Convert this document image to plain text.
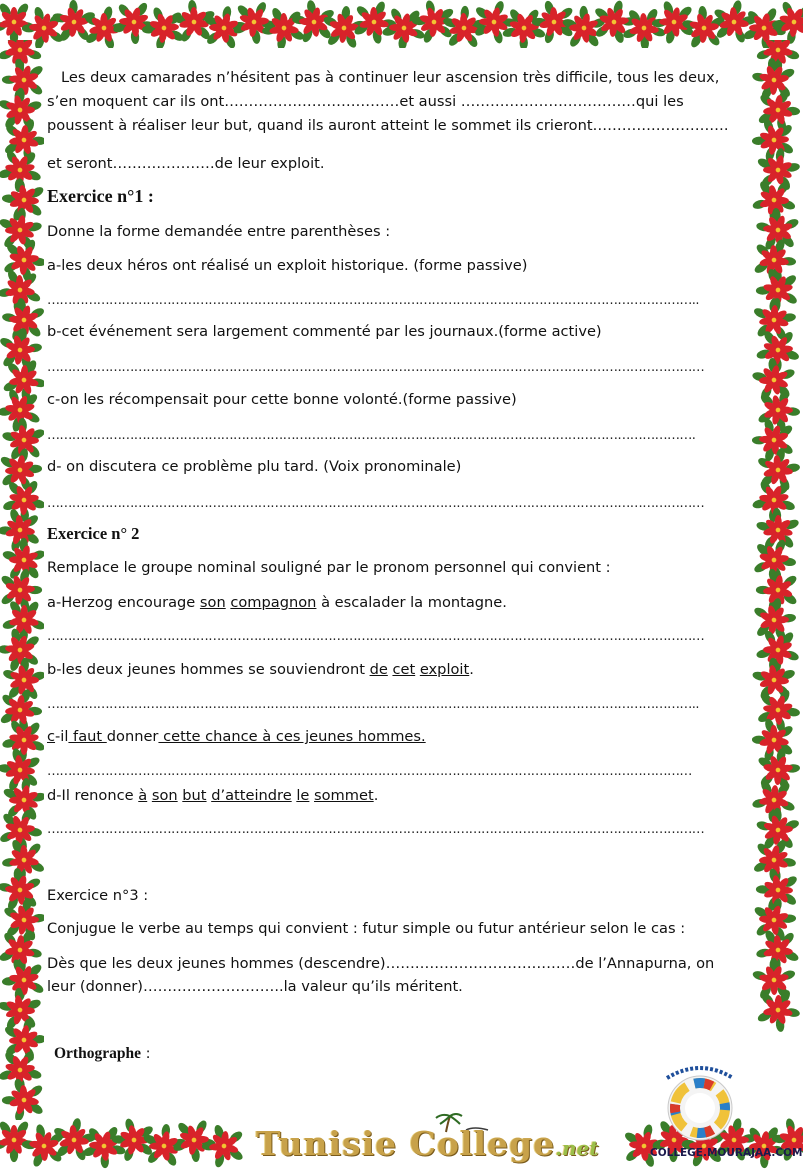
Les deux camarades n’hésitent pas à continuer leur ascension très difficile, tous les deux, s’en moquent car ils ont………………………………et aussi ………………………………qui les poussent à réaliser leur but, quand ils auront atteint le sommet ils crieront……………………….
et seront…………………de leur exploit.
Exercice n°1 :
Donne la forme demandée entre parenthèses :
a-les deux héros ont réalisé un exploit historique. (forme passive)
…………………………………………………………………………………………………………………………………………..
b-cet événement sera largement commenté par les journaux.(forme active)
……………………………………………………………………………………………………………………………………………
c-on les récompensait pour cette bonne volonté.(forme passive)
………………………………………………………………………………………………………………………………………….
d- on discutera ce problème plu tard. (Voix pronominale)
……………………………………………………………………………………………………………………………………………
Exercice n° 2
Remplace le groupe nominal souligné par le pronom personnel qui convient :
a-Herzog encourage son compagnon à escalader la montagne.
……………………………………………………………………………………………………………………………………………
b-les deux jeunes hommes se souviendront de cet exploit.
…………………………………………………………………………………………………………………………………………..
c-il faut donner cette chance à ces jeunes hommes.
…………………………………………………………………………………………………………………………………………
d-Il renonce à son but d’atteindre le sommet.
……………………………………………………………………………………………………………………………………………
Exercice n°3 :
Conjugue le verbe au temps qui convient : futur simple ou futur antérieur selon le cas :
Dès que les deux jeunes hommes (descendre)…………………………………de l’Annapurna, on
leur (donner)………………………..la valeur qu’ils méritent.
Orthographe :
Tunisie College.net	COLLEGE.MOURAJAA.COM
